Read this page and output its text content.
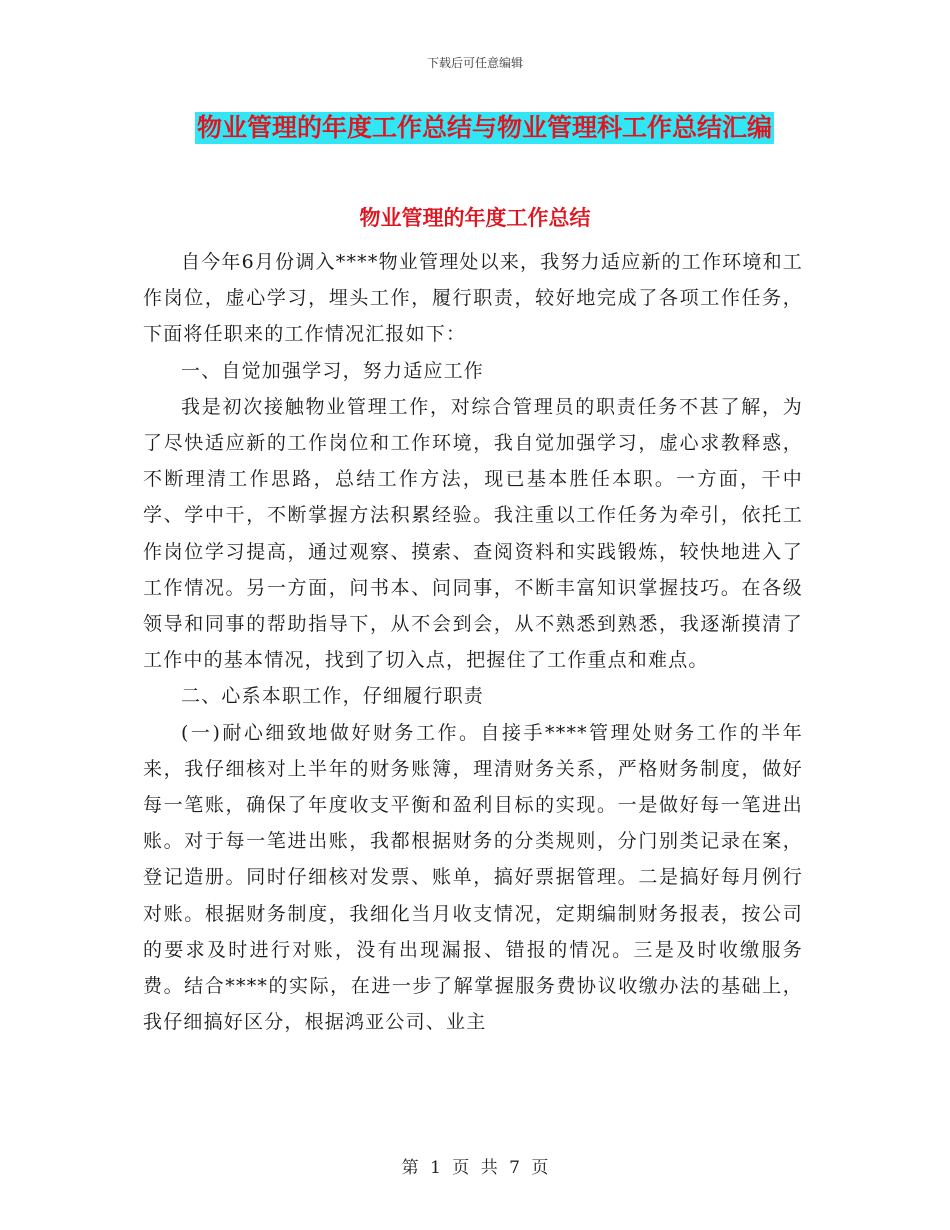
下载后可任意编辑
物业管理的年度工作总结与物业管理科工作总结汇编
物业管理的年度工作总结

自今年6月份调入****物业管理处以来，我努力适应新的工作环境和工作岗位，虚心学习，埋头工作，履行职责，较好地完成了各项工作任务，下面将任职来的工作情况汇报如下：

一、自觉加强学习，努力适应工作

我是初次接触物业管理工作，对综合管理员的职责任务不甚了解，为了尽快适应新的工作岗位和工作环境，我自觉加强学习，虚心求教释惑，不断理清工作思路，总结工作方法，现已基本胜任本职。一方面，干中学、学中干，不断掌握方法积累经验。我注重以工作任务为牵引，依托工作岗位学习提高，通过观察、摸索、查阅资料和实践锻炼，较快地进入了工作情况。另一方面，问书本、问同事，不断丰富知识掌握技巧。在各级领导和同事的帮助指导下，从不会到会，从不熟悉到熟悉，我逐渐摸清了工作中的基本情况，找到了切入点，把握住了工作重点和难点。

二、心系本职工作，仔细履行职责

(一)耐心细致地做好财务工作。自接手****管理处财务工作的半年来，我仔细核对上半年的财务账簿，理清财务关系，严格财务制度，做好每一笔账，确保了年度收支平衡和盈利目标的实现。一是做好每一笔进出账。对于每一笔进出账，我都根据财务的分类规则，分门别类记录在案，登记造册。同时仔细核对发票、账单，搞好票据管理。二是搞好每月例行对账。根据财务制度，我细化当月收支情况，定期编制财务报表，按公司的要求及时进行对账，没有出现漏报、错报的情况。三是及时收缴服务费。结合****的实际，在进一步了解掌握服务费协议收缴办法的基础上，我仔细搞好区分，根据鸿亚公司、业主

第 1 页 共 7 页
